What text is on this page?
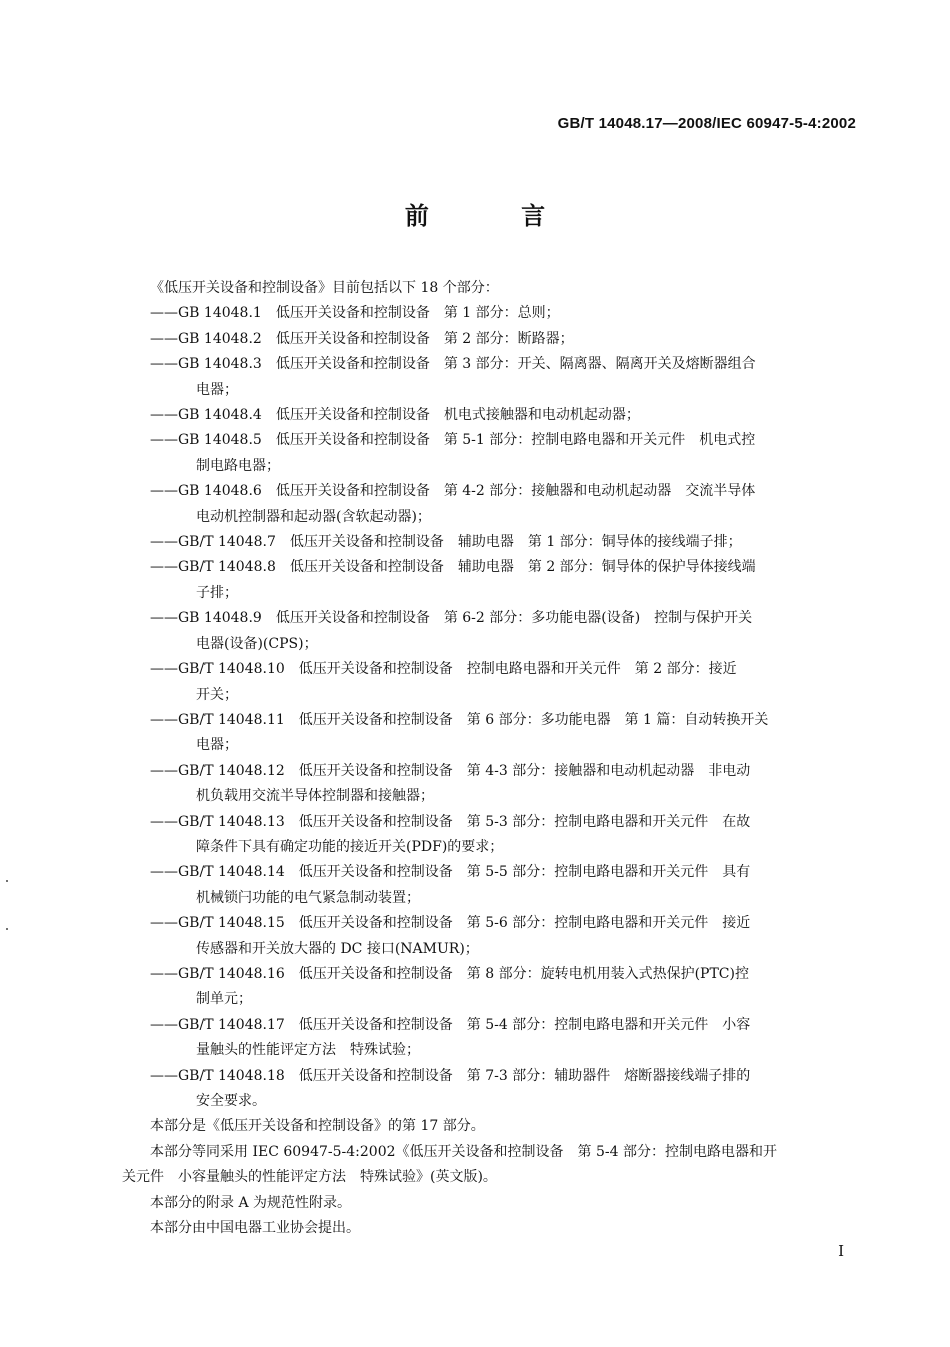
GB/T 14048.17—2008/IEC 60947-5-4:2002
前 言
《低压开关设备和控制设备》目前包括以下 18 个部分：
——GB 14048.1　低压开关设备和控制设备　第 1 部分：总则；
——GB 14048.2　低压开关设备和控制设备　第 2 部分：断路器；
——GB 14048.3　低压开关设备和控制设备　第 3 部分：开关、隔离器、隔离开关及熔断器组合
电器；
——GB 14048.4　低压开关设备和控制设备　机电式接触器和电动机起动器；
——GB 14048.5　低压开关设备和控制设备　第 5-1 部分：控制电路电器和开关元件　机电式控
制电路电器；
——GB 14048.6　低压开关设备和控制设备　第 4-2 部分：接触器和电动机起动器　交流半导体
电动机控制器和起动器(含软起动器)；
——GB/T 14048.7　低压开关设备和控制设备　辅助电器　第 1 部分：铜导体的接线端子排；
——GB/T 14048.8　低压开关设备和控制设备　辅助电器　第 2 部分：铜导体的保护导体接线端
子排；
——GB 14048.9　低压开关设备和控制设备　第 6-2 部分：多功能电器(设备)　控制与保护开关
电器(设备)(CPS)；
——GB/T 14048.10　低压开关设备和控制设备　控制电路电器和开关元件　第 2 部分：接近
开关；
——GB/T 14048.11　低压开关设备和控制设备　第 6 部分：多功能电器　第 1 篇：自动转换开关
电器；
——GB/T 14048.12　低压开关设备和控制设备　第 4-3 部分：接触器和电动机起动器　非电动
机负载用交流半导体控制器和接触器；
——GB/T 14048.13　低压开关设备和控制设备　第 5-3 部分：控制电路电器和开关元件　在故
障条件下具有确定功能的接近开关(PDF)的要求；
——GB/T 14048.14　低压开关设备和控制设备　第 5-5 部分：控制电路电器和开关元件　具有
机械锁闩功能的电气紧急制动装置；
——GB/T 14048.15　低压开关设备和控制设备　第 5-6 部分：控制电路电器和开关元件　接近
传感器和开关放大器的 DC 接口(NAMUR)；
——GB/T 14048.16　低压开关设备和控制设备　第 8 部分：旋转电机用装入式热保护(PTC)控
制单元；
——GB/T 14048.17　低压开关设备和控制设备　第 5-4 部分：控制电路电器和开关元件　小容
量触头的性能评定方法　特殊试验；
——GB/T 14048.18　低压开关设备和控制设备　第 7-3 部分：辅助器件　熔断器接线端子排的
安全要求。
本部分是《低压开关设备和控制设备》的第 17 部分。
本部分等同采用 IEC 60947-5-4:2002《低压开关设备和控制设备　第 5-4 部分：控制电路电器和开
关元件　小容量触头的性能评定方法　特殊试验》(英文版)。
本部分的附录 A 为规范性附录。
本部分由中国电器工业协会提出。
I
